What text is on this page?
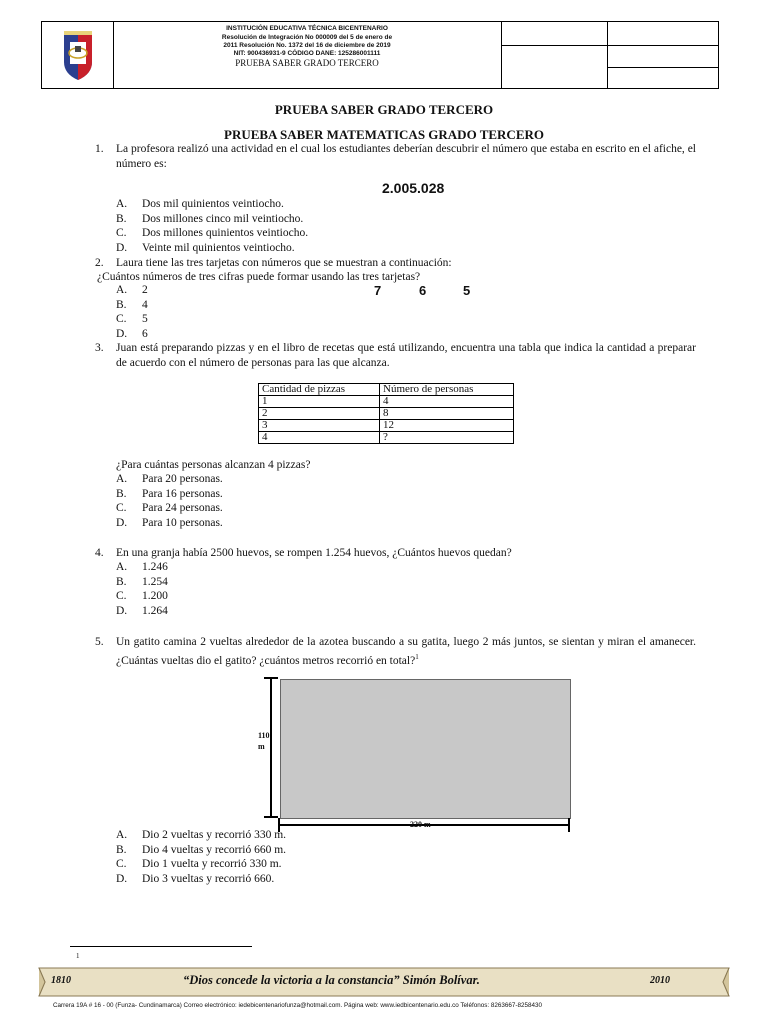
INSTITUCIÓN EDUCATIVA TÉCNICA BICENTENARIO
Resolución de Integración No 000009 del 5 de enero de
2011 Resolución No. 1372 del 16 de diciembre de 2019
NIT: 900436931-9 CÓDIGO DANE: 125286001111
PRUEBA SABER GRADO TERCERO
PRUEBA SABER GRADO TERCERO
PRUEBA SABER MATEMATICAS GRADO TERCERO
1. La profesora realizó una actividad en el cual los estudiantes deberían descubrir el número que estaba en escrito en el afiche, el número es:
2.005.028
A. Dos mil quinientos veintiocho.
B. Dos millones cinco mil veintiocho.
C. Dos millones quinientos veintiocho.
D. Veinte mil quinientos veintiocho.
2. Laura tiene las tres tarjetas con números que se muestran a continuación:
¿Cuántos números de tres cifras puede formar usando las tres tarjetas?
7	6	5
A. 2
B. 4
C. 5
D. 6
3. Juan está preparando pizzas y en el libro de recetas que está utilizando, encuentra una tabla que indica la cantidad a preparar de acuerdo con el número de personas para las que alcanza.
Cantidad de pizzas	Número de personas
1	4
2	8
3	12
4	?
¿Para cuántas personas alcanzan 4 pizzas?
A. Para 20 personas.
B. Para 16 personas.
C. Para 24 personas.
D. Para 10 personas.
4. En una granja había 2500 huevos, se rompen 1.254 huevos, ¿Cuántos huevos quedan?
A. 1.246
B. 1.254
C. 1.200
D. 1.264
5. Un gatito camina 2 vueltas alrededor de la azotea buscando a su gatita, luego 2 más juntos, se sientan y miran el amanecer. ¿Cuántas vueltas dio el gatito? ¿cuántos metros recorrió en total?$^1$
110 m
220 m
A. Dio 2 vueltas y recorrió 330 m.
B. Dio 4 vueltas y recorrió 660 m.
C. Dio 1 vuelta y recorrió 330 m.
D. Dio 3 vueltas y recorrió 660.
1
1810	“Dios concede la victoria a la constancia” Simón Bolívar.	2010
Carrera 19A # 16 - 00 (Funza- Cundinamarca) Correo electrónico: iedebicentenariofunza@hotmail.com. Página web: www.iedbicentenario.edu.co Teléfonos: 8263667-8258430
